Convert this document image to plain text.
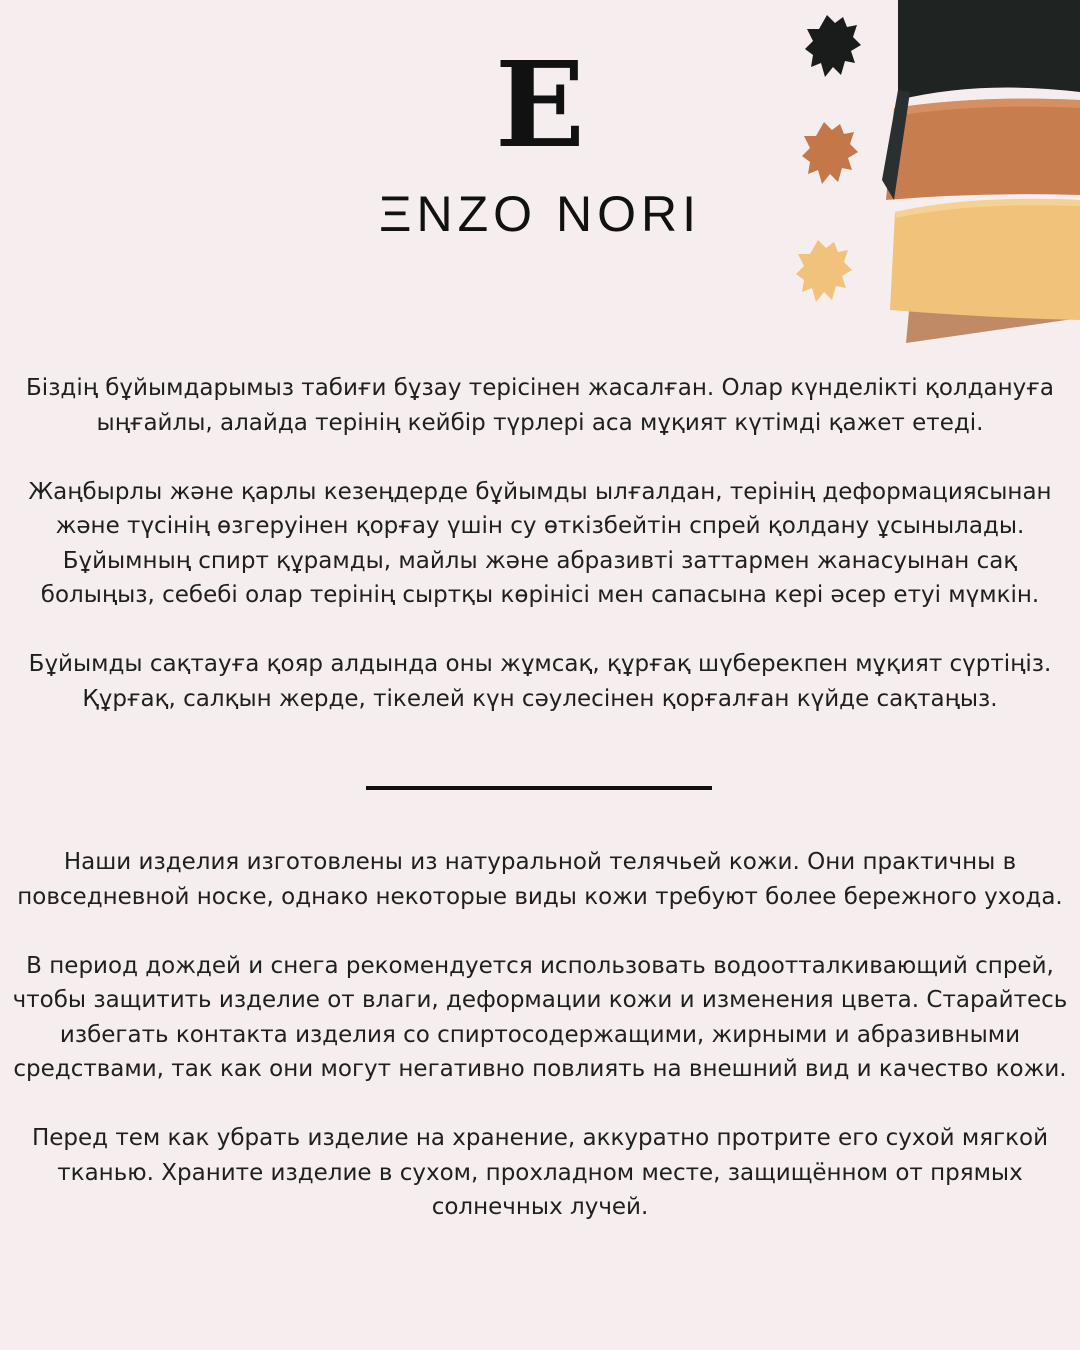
E
ΞNZO NORI

Біздің бұйымдарымыз табиғи бұзау терісінен жасалған. Олар күнделікті қолдануға ыңғайлы, алайда терінің кейбір түрлері аса мұқият күтімді қажет етеді.

Жаңбырлы және қарлы кезеңдерде бұйымды ылғалдан, терінің деформациясынан және түсінің өзгеруінен қорғау үшін су өткізбейтін спрей қолдану ұсынылады. Бұйымның спирт құрамды, майлы және абразивті заттармен жанасуынан сақ болыңыз, себебі олар терінің сыртқы көрінісі мен сапасына кері әсер етуі мүмкін.

Бұйымды сақтауға қояр алдында оны жұмсақ, құрғақ шүберекпен мұқият сүртіңіз. Құрғақ, салқын жерде, тікелей күн сәулесінен қорғалған күйде сақтаңыз.

Наши изделия изготовлены из натуральной телячьей кожи. Они практичны в повседневной носке, однако некоторые виды кожи требуют более бережного ухода.

В период дождей и снега рекомендуется использовать водоотталкивающий спрей, чтобы защитить изделие от влаги, деформации кожи и изменения цвета. Старайтесь избегать контакта изделия со спиртосодержащими, жирными и абразивными средствами, так как они могут негативно повлиять на внешний вид и качество кожи.

Перед тем как убрать изделие на хранение, аккуратно протрите его сухой мягкой тканью. Храните изделие в сухом, прохладном месте, защищённом от прямых солнечных лучей.
